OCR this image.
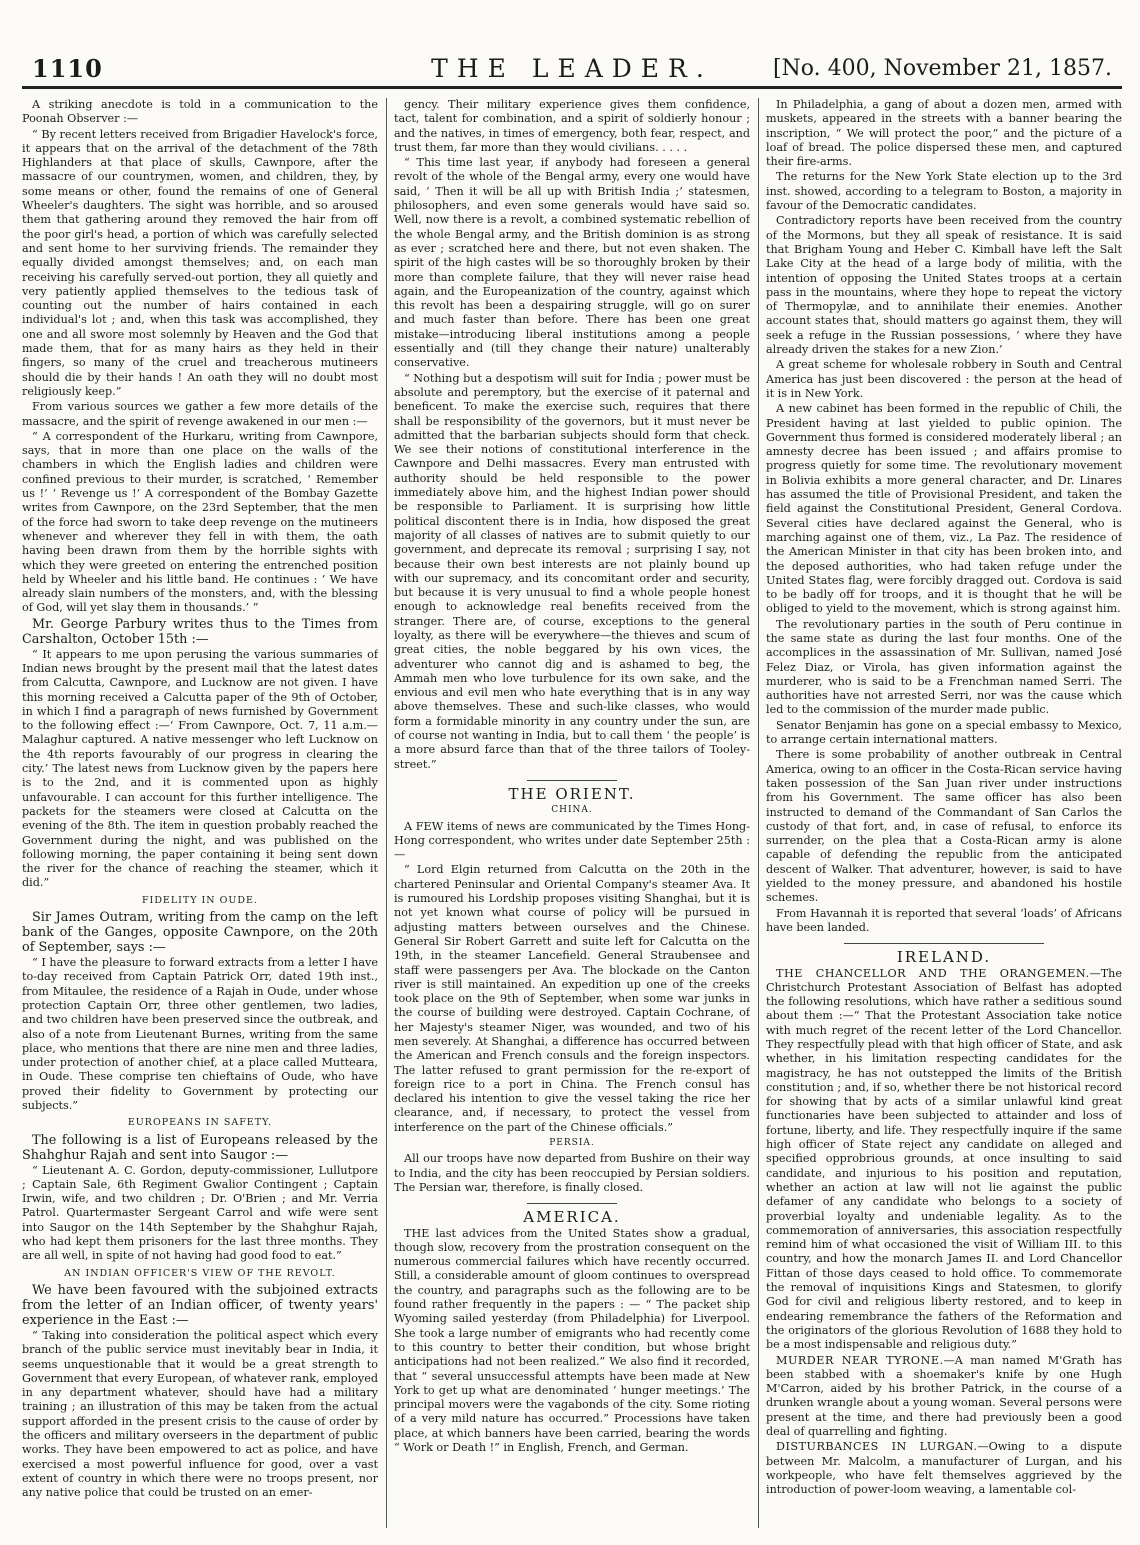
1110	THE LEADER.	[No. 400, November 21, 1857.

A striking anecdote is told in a communication to the Poonah Observer :—

“ By recent letters received from Brigadier Havelock's force, it appears that on the arrival of the detachment of the 78th Highlanders at that place of skulls, Cawnpore, after the massacre of our countrymen, women, and children, they, by some means or other, found the remains of one of General Wheeler's daughters. The sight was horrible, and so aroused them that gathering around they removed the hair from off the poor girl's head, a portion of which was carefully selected and sent home to her surviving friends. The remainder they equally divided amongst themselves; and, on each man receiving his carefully served-out portion, they all quietly and very patiently applied themselves to the tedious task of counting out the number of hairs contained in each individual's lot ; and, when this task was accomplished, they one and all swore most solemnly by Heaven and the God that made them, that for as many hairs as they held in their fingers, so many of the cruel and treacherous mutineers should die by their hands ! An oath they will no doubt most religiously keep.”

From various sources we gather a few more details of the massacre, and the spirit of revenge awakened in our men :—

“ A correspondent of the Hurkaru, writing from Cawnpore, says, that in more than one place on the walls of the chambers in which the English ladies and children were confined previous to their murder, is scratched, ‘ Remember us !’ ‘ Revenge us !’ A correspondent of the Bombay Gazette writes from Cawnpore, on the 23rd September, that the men of the force had sworn to take deep revenge on the mutineers whenever and wherever they fell in with them, the oath having been drawn from them by the horrible sights with which they were greeted on entering the entrenched position held by Wheeler and his little band. He continues : ‘ We have already slain numbers of the monsters, and, with the blessing of God, will yet slay them in thousands.’ ”

Mr. George Parbury writes thus to the Times from Carshalton, October 15th :—

“ It appears to me upon perusing the various summaries of Indian news brought by the present mail that the latest dates from Calcutta, Cawnpore, and Lucknow are not given. I have this morning received a Calcutta paper of the 9th of October, in which I find a paragraph of news furnished by Government to the following effect :—‘ From Cawnpore, Oct. 7, 11 a.m.—Malaghur captured. A native messenger who left Lucknow on the 4th reports favourably of our progress in clearing the city.’ The latest news from Lucknow given by the papers here is to the 2nd, and it is commented upon as highly unfavourable. I can account for this further intelligence. The packets for the steamers were closed at Calcutta on the evening of the 8th. The item in question probably reached the Government during the night, and was published on the following morning, the paper containing it being sent down the river for the chance of reaching the steamer, which it did.”

FIDELITY IN OUDE.

Sir James Outram, writing from the camp on the left bank of the Ganges, opposite Cawnpore, on the 20th of September, says :—

“ I have the pleasure to forward extracts from a letter I have to-day received from Captain Patrick Orr, dated 19th inst., from Mitaulee, the residence of a Rajah in Oude, under whose protection Captain Orr, three other gentlemen, two ladies, and two children have been preserved since the outbreak, and also of a note from Lieutenant Burnes, writing from the same place, who mentions that there are nine men and three ladies, under protection of another chief, at a place called Mutteara, in Oude. These comprise ten chieftains of Oude, who have proved their fidelity to Government by protecting our subjects.”

EUROPEANS IN SAFETY.

The following is a list of Europeans released by the Shahghur Rajah and sent into Saugor :—

“ Lieutenant A. C. Gordon, deputy-commissioner, Lullutpore ; Captain Sale, 6th Regiment Gwalior Contingent ; Captain Irwin, wife, and two children ; Dr. O'Brien ; and Mr. Verria Patrol. Quartermaster Sergeant Carrol and wife were sent into Saugor on the 14th September by the Shahghur Rajah, who had kept them prisoners for the last three months. They are all well, in spite of not having had good food to eat.”

AN INDIAN OFFICER'S VIEW OF THE REVOLT.

We have been favoured with the subjoined extracts from the letter of an Indian officer, of twenty years' experience in the East :—

“ Taking into consideration the political aspect which every branch of the public service must inevitably bear in India, it seems unquestionable that it would be a great strength to Government that every European, of whatever rank, employed in any department whatever, should have had a military training ; an illustration of this may be taken from the actual support afforded in the present crisis to the cause of order by the officers and military overseers in the department of public works. They have been empowered to act as police, and have exercised a most powerful influence for good, over a vast extent of country in which there were no troops present, nor any native police that could be trusted on an emer-

gency. Their military experience gives them confidence, tact, talent for combination, and a spirit of soldierly honour ; and the natives, in times of emergency, both fear, respect, and trust them, far more than they would civilians. . . . .

“ This time last year, if anybody had foreseen a general revolt of the whole of the Bengal army, every one would have said, ‘ Then it will be all up with British India ;’ statesmen, philosophers, and even some generals would have said so. Well, now there is a revolt, a combined systematic rebellion of the whole Bengal army, and the British dominion is as strong as ever ; scratched here and there, but not even shaken. The spirit of the high castes will be so thoroughly broken by their more than complete failure, that they will never raise head again, and the Europeanization of the country, against which this revolt has been a despairing struggle, will go on surer and much faster than before. There has been one great mistake—introducing liberal institutions among a people essentially and (till they change their nature) unalterably conservative.

“ Nothing but a despotism will suit for India ; power must be absolute and peremptory, but the exercise of it paternal and beneficent. To make the exercise such, requires that there shall be responsibility of the governors, but it must never be admitted that the barbarian subjects should form that check. We see their notions of constitutional interference in the Cawnpore and Delhi massacres. Every man entrusted with authority should be held responsible to the power immediately above him, and the highest Indian power should be responsible to Parliament. It is surprising how little political discontent there is in India, how disposed the great majority of all classes of natives are to submit quietly to our government, and deprecate its removal ; surprising I say, not because their own best interests are not plainly bound up with our supremacy, and its concomitant order and security, but because it is very unusual to find a whole people honest enough to acknowledge real benefits received from the stranger. There are, of course, exceptions to the general loyalty, as there will be everywhere—the thieves and scum of great cities, the noble beggared by his own vices, the adventurer who cannot dig and is ashamed to beg, the Ammah men who love turbulence for its own sake, and the envious and evil men who hate everything that is in any way above themselves. These and such-like classes, who would form a formidable minority in any country under the sun, are of course not wanting in India, but to call them ‘ the people’ is a more absurd farce than that of the three tailors of Tooley-street.”

THE ORIENT.
CHINA.

A FEW items of news are communicated by the Times Hong-Hong correspondent, who writes under date September 25th :—

“ Lord Elgin returned from Calcutta on the 20th in the chartered Peninsular and Oriental Company's steamer Ava. It is rumoured his Lordship proposes visiting Shanghai, but it is not yet known what course of policy will be pursued in adjusting matters between ourselves and the Chinese. General Sir Robert Garrett and suite left for Calcutta on the 19th, in the steamer Lancefield. General Straubensee and staff were passengers per Ava. The blockade on the Canton river is still maintained. An expedition up one of the creeks took place on the 9th of September, when some war junks in the course of building were destroyed. Captain Cochrane, of her Majesty's steamer Niger, was wounded, and two of his men severely. At Shanghai, a difference has occurred between the American and French consuls and the foreign inspectors. The latter refused to grant permission for the re-export of foreign rice to a port in China. The French consul has declared his intention to give the vessel taking the rice her clearance, and, if necessary, to protect the vessel from interference on the part of the Chinese officials.”

PERSIA.

All our troops have now departed from Bushire on their way to India, and the city has been reoccupied by Persian soldiers. The Persian war, therefore, is finally closed.

AMERICA.

THE last advices from the United States show a gradual, though slow, recovery from the prostration consequent on the numerous commercial failures which have recently occurred. Still, a considerable amount of gloom continues to overspread the country, and paragraphs such as the following are to be found rather frequently in the papers : — “ The packet ship Wyoming sailed yesterday (from Philadelphia) for Liverpool. She took a large number of emigrants who had recently come to this country to better their condition, but whose bright anticipations had not been realized.” We also find it recorded, that “ several unsuccessful attempts have been made at New York to get up what are denominated ‘ hunger meetings.’ The principal movers were the vagabonds of the city. Some rioting of a very mild nature has occurred.” Processions have taken place, at which banners have been carried, bearing the words “ Work or Death !” in English, French, and German.

In Philadelphia, a gang of about a dozen men, armed with muskets, appeared in the streets with a banner bearing the inscription, “ We will protect the poor,” and the picture of a loaf of bread. The police dispersed these men, and captured their fire-arms.

The returns for the New York State election up to the 3rd inst. showed, according to a telegram to Boston, a majority in favour of the Democratic candidates.

Contradictory reports have been received from the country of the Mormons, but they all speak of resistance. It is said that Brigham Young and Heber C. Kimball have left the Salt Lake City at the head of a large body of militia, with the intention of opposing the United States troops at a certain pass in the mountains, where they hope to repeat the victory of Thermopylæ, and to annihilate their enemies. Another account states that, should matters go against them, they will seek a refuge in the Russian possessions, ‘ where they have already driven the stakes for a new Zion.’

A great scheme for wholesale robbery in South and Central America has just been discovered : the person at the head of it is in New York.

A new cabinet has been formed in the republic of Chili, the President having at last yielded to public opinion. The Government thus formed is considered moderately liberal ; an amnesty decree has been issued ; and affairs promise to progress quietly for some time. The revolutionary movement in Bolivia exhibits a more general character, and Dr. Linares has assumed the title of Provisional President, and taken the field against the Constitutional President, General Cordova. Several cities have declared against the General, who is marching against one of them, viz., La Paz. The residence of the American Minister in that city has been broken into, and the deposed authorities, who had taken refuge under the United States flag, were forcibly dragged out. Cordova is said to be badly off for troops, and it is thought that he will be obliged to yield to the movement, which is strong against him.

The revolutionary parties in the south of Peru continue in the same state as during the last four months. One of the accomplices in the assassination of Mr. Sullivan, named José Felez Diaz, or Virola, has given information against the murderer, who is said to be a Frenchman named Serri. The authorities have not arrested Serri, nor was the cause which led to the commission of the murder made public.

Senator Benjamin has gone on a special embassy to Mexico, to arrange certain international matters.

There is some probability of another outbreak in Central America, owing to an officer in the Costa-Rican service having taken possession of the San Juan river under instructions from his Government. The same officer has also been instructed to demand of the Commandant of San Carlos the custody of that fort, and, in case of refusal, to enforce its surrender, on the plea that a Costa-Rican army is alone capable of defending the republic from the anticipated descent of Walker. That adventurer, however, is said to have yielded to the money pressure, and abandoned his hostile schemes.

From Havannah it is reported that several ‘loads’ of Africans have been landed.

IRELAND.

THE CHANCELLOR AND THE ORANGEMEN.—The Christchurch Protestant Association of Belfast has adopted the following resolutions, which have rather a seditious sound about them :—“ That the Protestant Association take notice with much regret of the recent letter of the Lord Chancellor. They respectfully plead with that high officer of State, and ask whether, in his limitation respecting candidates for the magistracy, he has not outstepped the limits of the British constitution ; and, if so, whether there be not historical record for showing that by acts of a similar unlawful kind great functionaries have been subjected to attainder and loss of fortune, liberty, and life. They respectfully inquire if the same high officer of State reject any candidate on alleged and specified opprobrious grounds, at once insulting to said candidate, and injurious to his position and reputation, whether an action at law will not lie against the public defamer of any candidate who belongs to a society of proverbial loyalty and undeniable legality. As to the commemoration of anniversaries, this association respectfully remind him of what occasioned the visit of William III. to this country, and how the monarch James II. and Lord Chancellor Fittan of those days ceased to hold office. To commemorate the removal of inquisitions Kings and Statesmen, to glorify God for civil and religious liberty restored, and to keep in endearing remembrance the fathers of the Reformation and the originators of the glorious Revolution of 1688 they hold to be a most indispensable and religious duty.”

MURDER NEAR TYRONE.—A man named M'Grath has been stabbed with a shoemaker's knife by one Hugh M'Carron, aided by his brother Patrick, in the course of a drunken wrangle about a young woman. Several persons were present at the time, and there had previously been a good deal of quarrelling and fighting.

DISTURBANCES IN LURGAN.—Owing to a dispute between Mr. Malcolm, a manufacturer of Lurgan, and his workpeople, who have felt themselves aggrieved by the introduction of power-loom weaving, a lamentable col-
